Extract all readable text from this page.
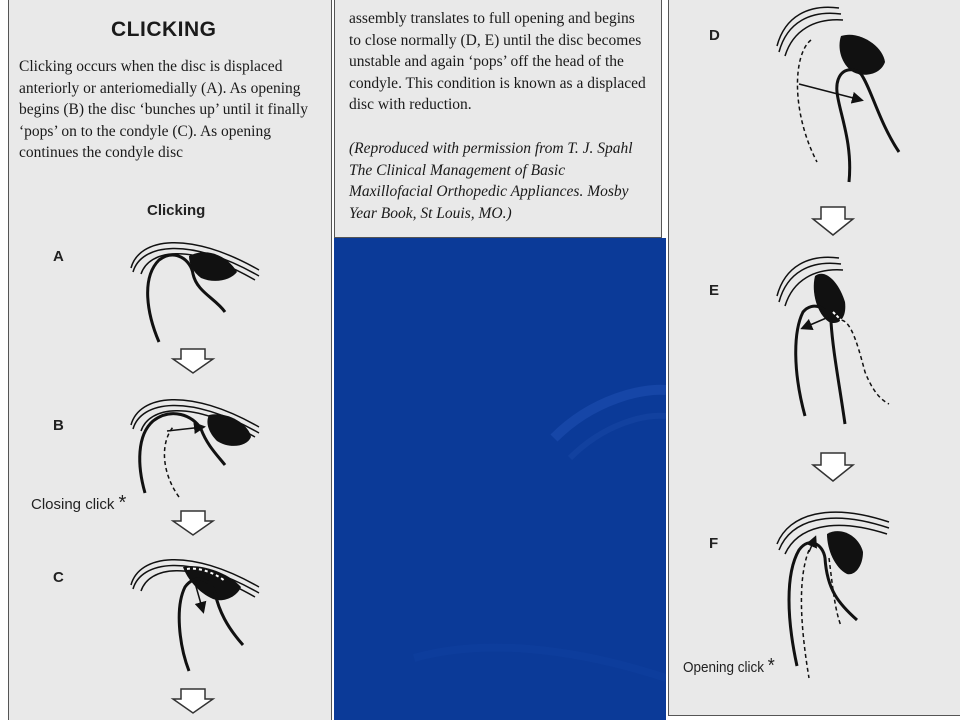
CLICKING
Clicking occurs when the disc is displaced anteriorly or anteriomedially (A). As opening begins (B) the disc ‘bunches up’ until it finally ‘pops’ on to the condyle (C). As opening continues the condyle disc
Clicking
A
B
C
Closing click *
assembly translates to full opening and begins to close normally (D, E) until the disc becomes unstable and again ‘pops’ off the head of the condyle. This condition is known as a displaced disc with reduction.
(Reproduced with permission from T. J. Spahl The Clinical Management of Basic Maxillofacial Orthopedic Appliances. Mosby Year Book, St Louis, MO.)
D
E
F
Opening click *
